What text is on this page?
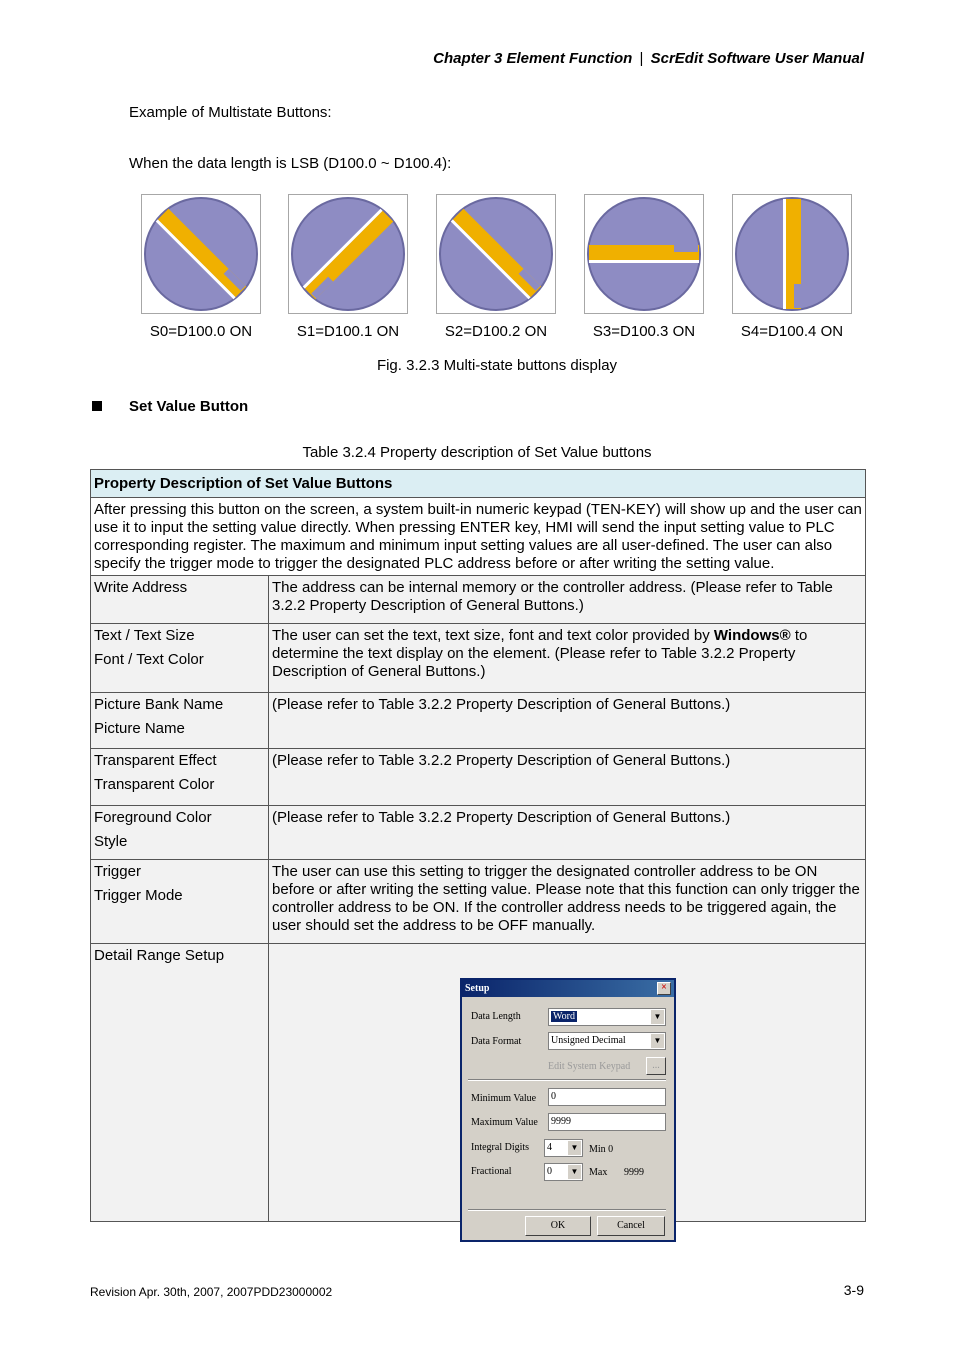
Chapter 3 Element Function | ScrEdit Software User Manual
Example of Multistate Buttons:
When the data length is LSB (D100.0 ~ D100.4):
S0=D100.0 ON	S1=D100.1 ON	S2=D100.2 ON	S3=D100.3 ON	S4=D100.4 ON
Fig. 3.2.3 Multi-state buttons display
Set Value Button
Table 3.2.4 Property description of Set Value buttons
Property Description of Set Value Buttons	
After pressing this button on the screen, a system built-in numeric keypad (TEN-KEY) will show up and the user can use it to input the setting value directly. When pressing ENTER key, HMI will send the input setting value to PLC corresponding register. The maximum and minimum input setting values are all user-defined. The user can also specify the trigger mode to trigger the designated PLC address before or after writing the setting value.	

Write Address	The address can be internal memory or the controller address. (Please refer to Table 3.2.2 Property Description of General Buttons.)

Text / Text Size
Font / Text Color	The user can set the text, text size, font and text color provided by Windows® to determine the text display on the element. (Please refer to Table 3.2.2 Property Description of General Buttons.)

Picture Bank Name
Picture Name	(Please refer to Table 3.2.2 Property Description of General Buttons.)

Transparent Effect
Transparent Color	(Please refer to Table 3.2.2 Property Description of General Buttons.)

Foreground Color
Style	(Please refer to Table 3.2.2 Property Description of General Buttons.)

Trigger
Trigger Mode	The user can use this setting to trigger the designated controller address to be ON before or after writing the setting value. Please note that this function can only trigger the controller address to be ON. If the controller address needs to be triggered again, the user should set the address to be OFF manually.

Detail Range Setup	

Setup	×
Data Length	Word	▼
Data Format	Unsigned Decimal	▼
Edit System Keypad	...
Minimum Value	0
Maximum Value	9999
Integral Digits	4	▼ Min 0
Fractional	0	▼ Max 9999
OK	Cancel
Revision Apr. 30th, 2007, 2007PDD23000002	3-9
